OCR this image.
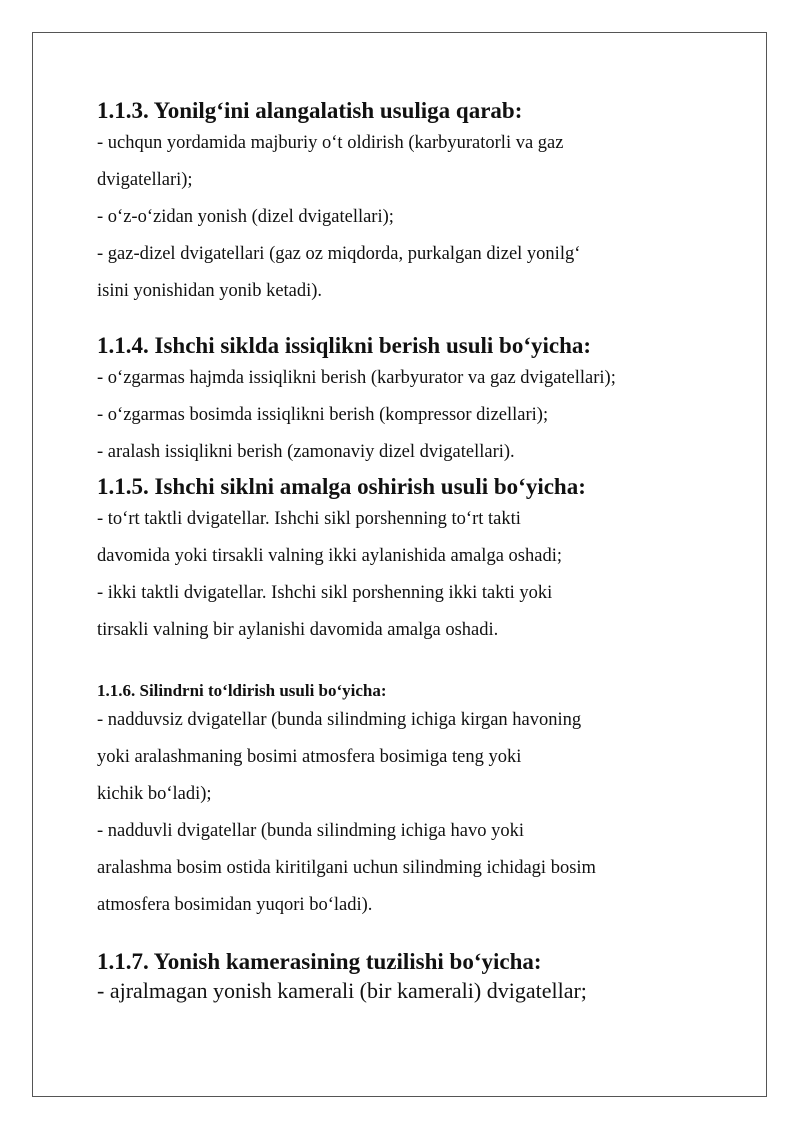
1.1.3. Yonilg‘ini alangalatish usuliga qarab:

- uchqun yordamida majburiy o‘t oldirish (karbyuratorli va gaz

dvigatellari);

- o‘z-o‘zidan yonish (dizel dvigatellari);

- gaz-dizel dvigatellari (gaz oz miqdorda, purkalgan dizel yonilg‘

isini yonishidan yonib ketadi).

1.1.4. Ishchi siklda issiqlikni berish usuli bo‘yicha:

- o‘zgarmas hajmda issiqlikni berish (karbyurator va gaz dvigatellari);

- o‘zgarmas bosimda issiqlikni berish (kompressor dizellari);

- aralash issiqlikni berish (zamonaviy dizel dvigatellari).

1.1.5. Ishchi siklni amalga oshirish usuli bo‘yicha:

- to‘rt taktli dvigatellar. Ishchi sikl porshenning to‘rt takti

davomida yoki tirsakli valning ikki aylanishida amalga oshadi;

- ikki taktli dvigatellar. Ishchi sikl porshenning ikki takti yoki

tirsakli valning bir aylanishi davomida amalga oshadi.

1.1.6. Silindrni to‘ldirish usuli bo‘yicha:

- nadduvsiz dvigatellar (bunda silindming ichiga kirgan havoning

yoki aralashmaning bosimi atmosfera bosimiga teng yoki

kichik bo‘ladi);

- nadduvli dvigatellar (bunda silindming ichiga havo yoki

aralashma bosim ostida kiritilgani uchun silindming ichidagi bosim

atmosfera bosimidan yuqori bo‘ladi).

1.1.7. Yonish kamerasining tuzilishi bo‘yicha:

- ajralmagan yonish kamerali (bir kamerali) dvigatellar;
